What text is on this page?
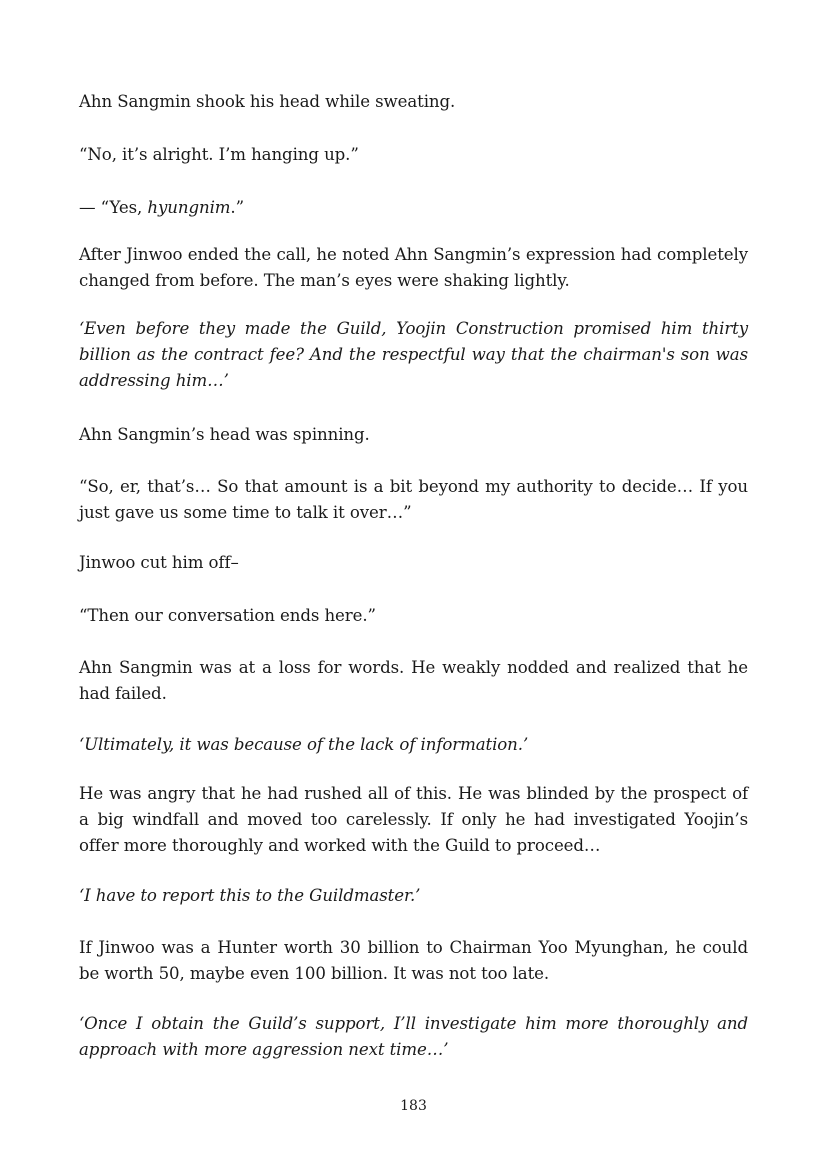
Ahn Sangmin shook his head while sweating.

“No, it’s alright. I’m hanging up.”

— “Yes, hyungnim.”

After Jinwoo ended the call, he noted Ahn Sangmin’s expression had completely changed from before. The man’s eyes were shaking lightly.

‘Even before they made the Guild, Yoojin Construction promised him thirty billion as the contract fee? And the respectful way that the chairman's son was addressing him…’

Ahn Sangmin’s head was spinning.

“So, er, that’s… So that amount is a bit beyond my authority to decide… If you just gave us some time to talk it over…”

Jinwoo cut him off–

“Then our conversation ends here.”

Ahn Sangmin was at a loss for words. He weakly nodded and realized that he had failed.

‘Ultimately, it was because of the lack of information.’

He was angry that he had rushed all of this. He was blinded by the prospect of a big windfall and moved too carelessly. If only he had investigated Yoojin’s offer more thoroughly and worked with the Guild to proceed…

‘I have to report this to the Guildmaster.’

If Jinwoo was a Hunter worth 30 billion to Chairman Yoo Myunghan, he could be worth 50, maybe even 100 billion. It was not too late.

‘Once I obtain the Guild’s support, I’ll investigate him more thoroughly and approach with more aggression next time…’

183
